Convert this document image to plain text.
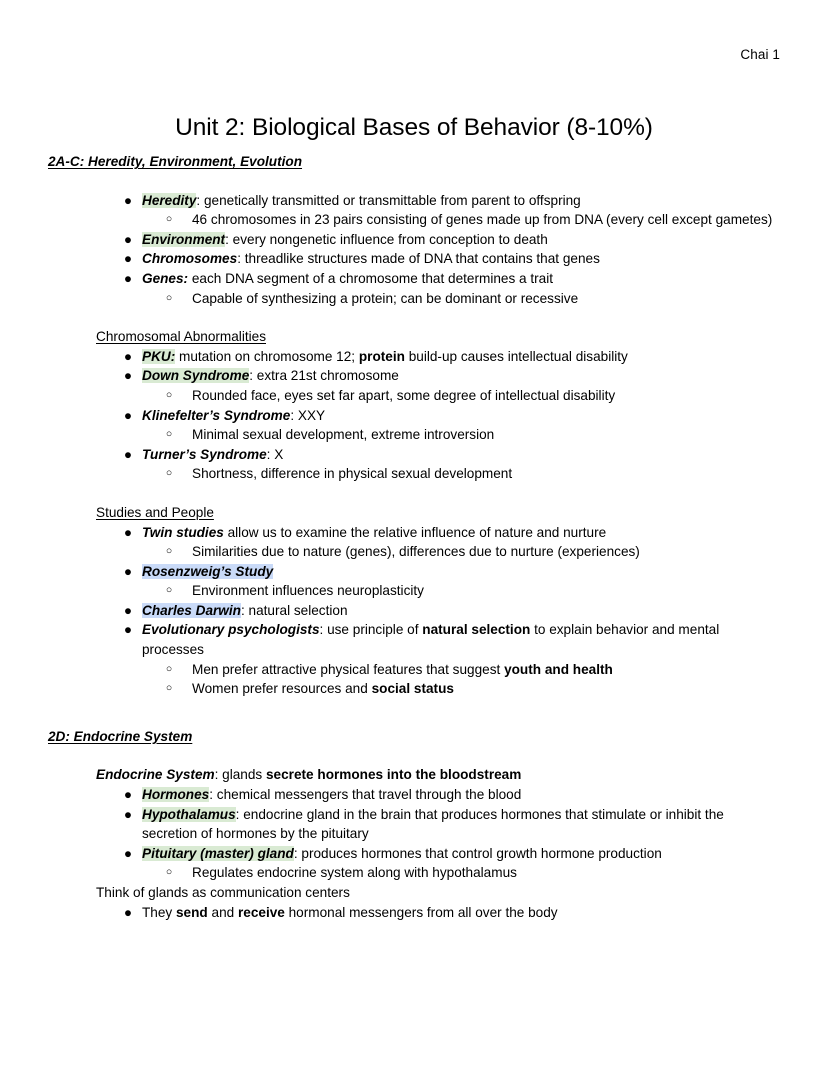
Chai 1
Unit 2: Biological Bases of Behavior (8-10%)
2A-C: Heredity, Environment, Evolution
● Heredity: genetically transmitted or transmittable from parent to offspring
○ 46 chromosomes in 23 pairs consisting of genes made up from DNA (every cell except gametes)
● Environment: every nongenetic influence from conception to death
● Chromosomes: threadlike structures made of DNA that contains that genes
● Genes: each DNA segment of a chromosome that determines a trait
○ Capable of synthesizing a protein; can be dominant or recessive
Chromosomal Abnormalities
● PKU: mutation on chromosome 12; protein build-up causes intellectual disability
● Down Syndrome: extra 21st chromosome
○ Rounded face, eyes set far apart, some degree of intellectual disability
● Klinefelter’s Syndrome: XXY
○ Minimal sexual development, extreme introversion
● Turner’s Syndrome: X
○ Shortness, difference in physical sexual development
Studies and People
● Twin studies allow us to examine the relative influence of nature and nurture
○ Similarities due to nature (genes), differences due to nurture (experiences)
● Rosenzweig’s Study
○ Environment influences neuroplasticity
● Charles Darwin: natural selection
● Evolutionary psychologists: use principle of natural selection to explain behavior and mental processes
○ Men prefer attractive physical features that suggest youth and health
○ Women prefer resources and social status
2D: Endocrine System
Endocrine System: glands secrete hormones into the bloodstream
● Hormones: chemical messengers that travel through the blood
● Hypothalamus: endocrine gland in the brain that produces hormones that stimulate or inhibit the secretion of hormones by the pituitary
● Pituitary (master) gland: produces hormones that control growth hormone production
○ Regulates endocrine system along with hypothalamus
Think of glands as communication centers
● They send and receive hormonal messengers from all over the body
